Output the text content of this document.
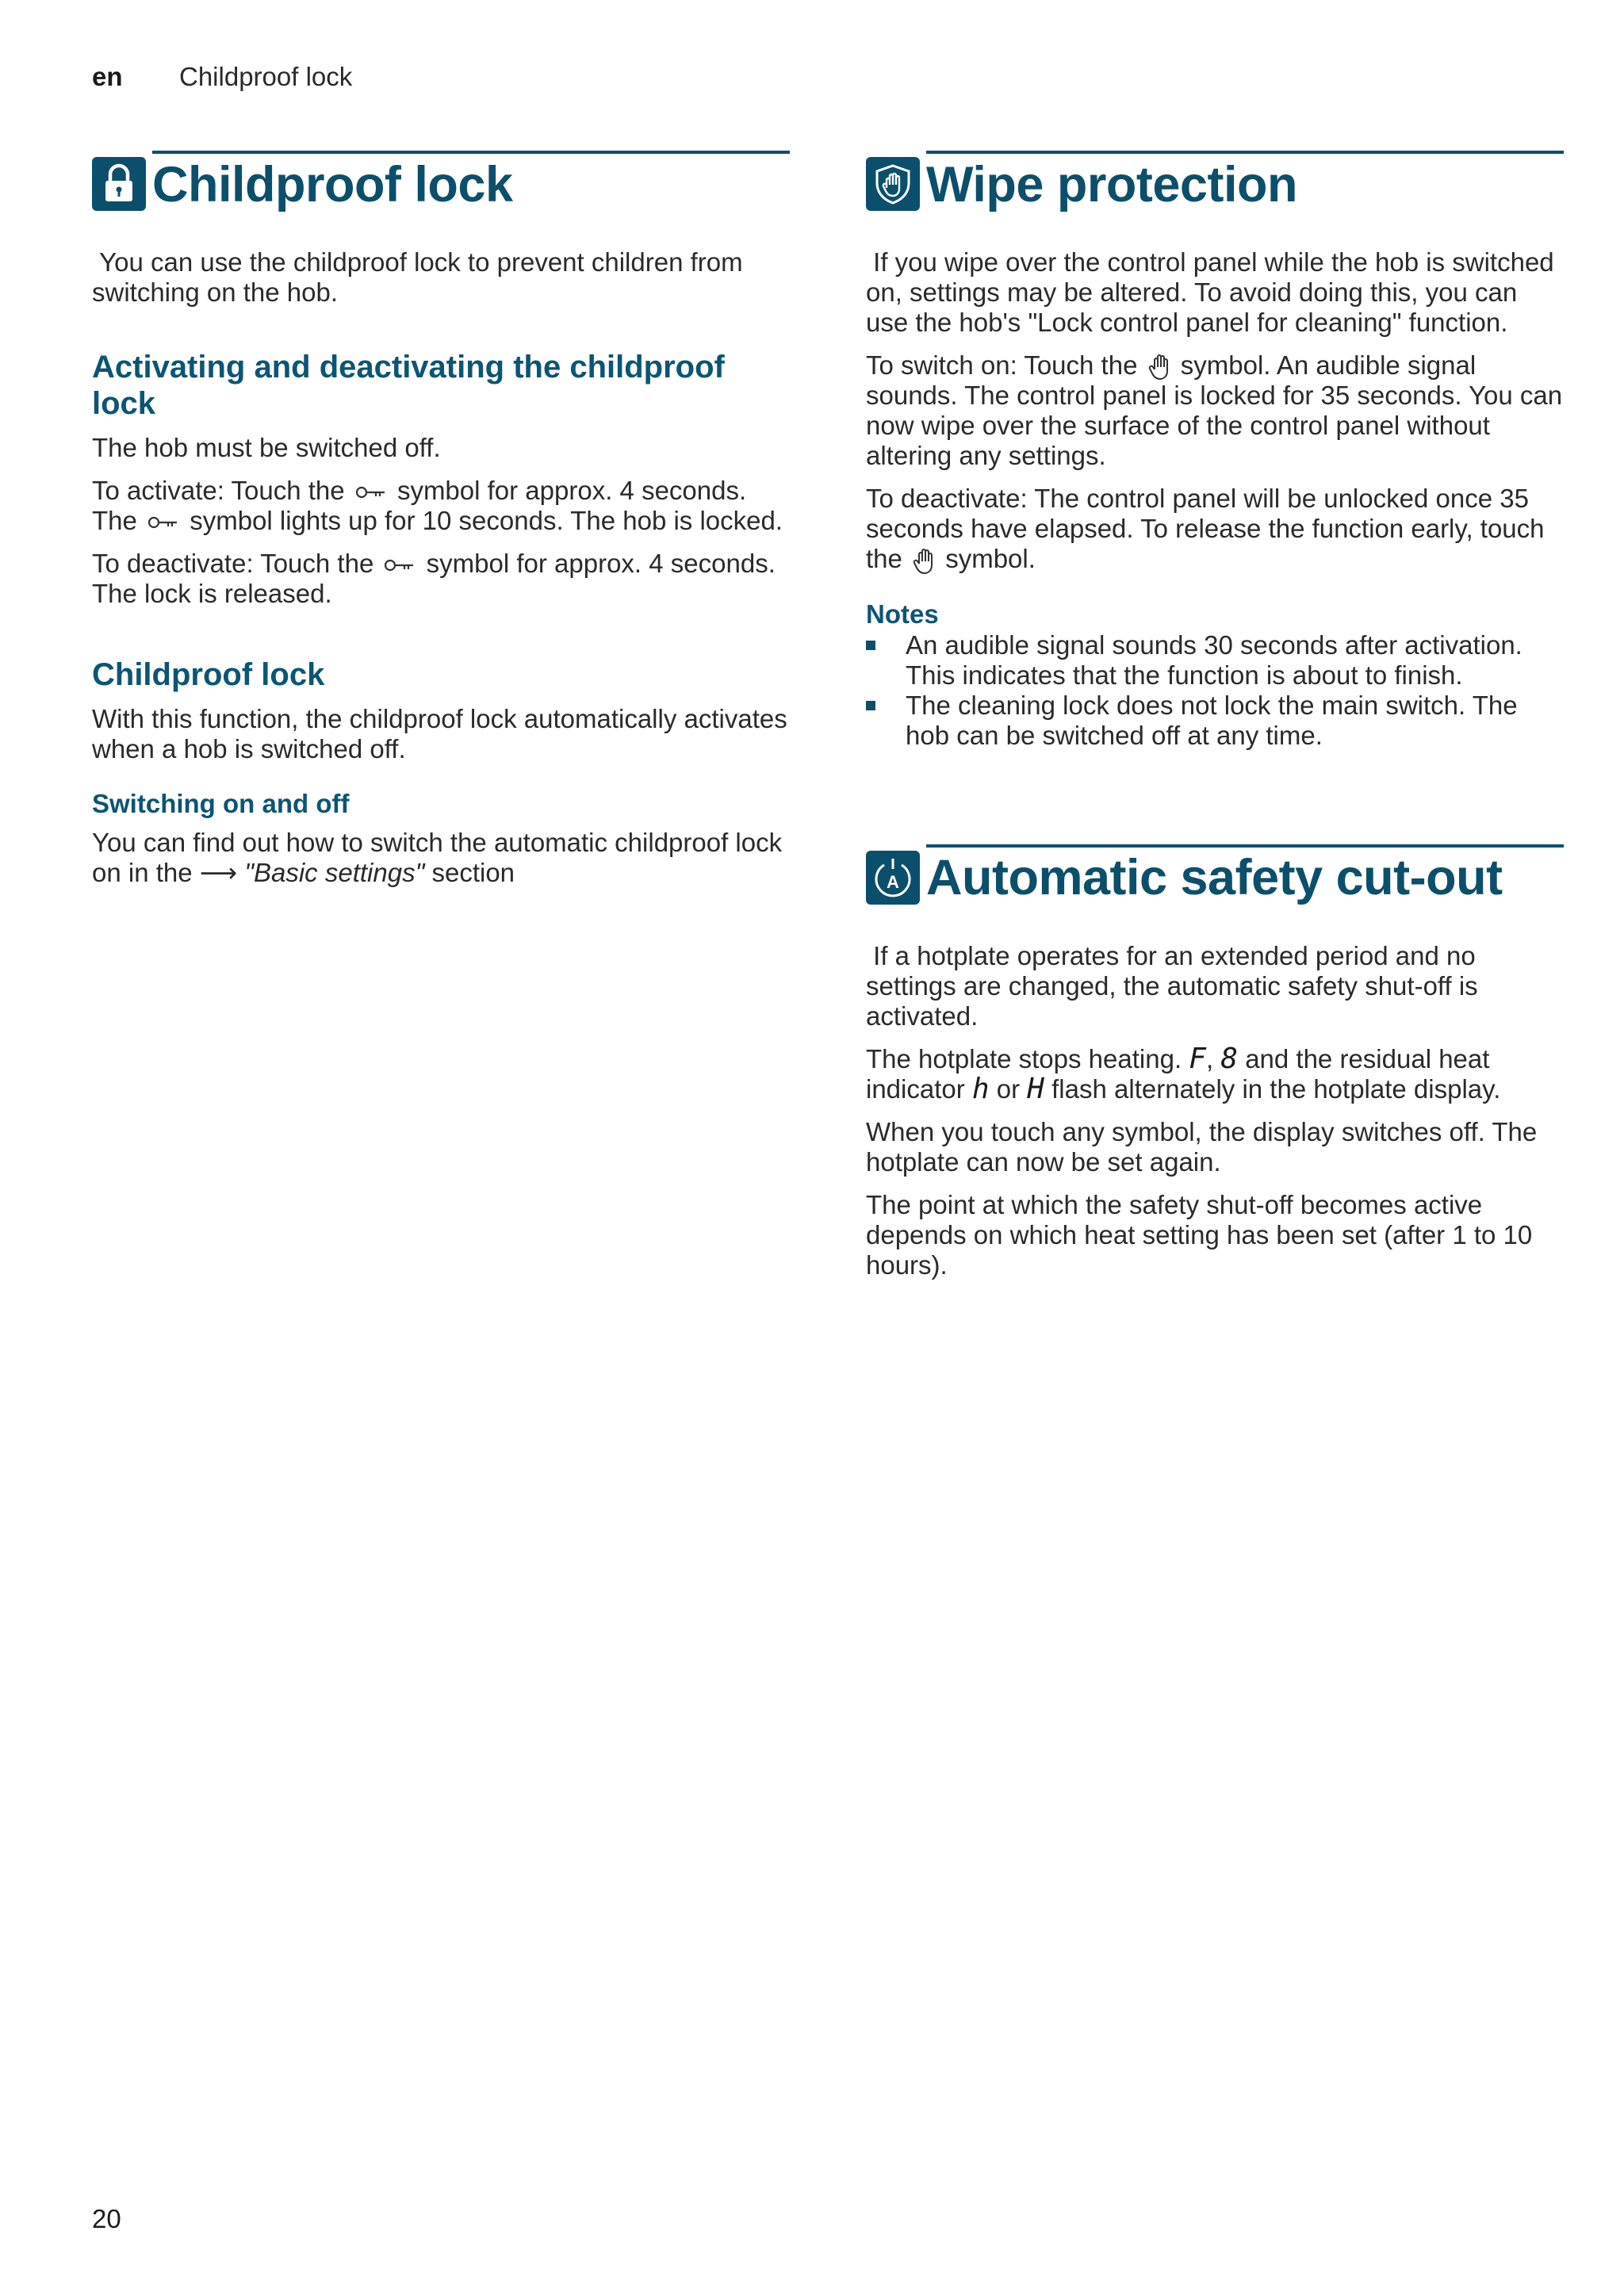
en Childproof lock
Childproof lock

You can use the childproof lock to prevent children from switching on the hob.

Activating and deactivating the childproof lock

The hob must be switched off.

To activate: Touch the symbol for approx. 4 seconds. The symbol lights up for 10 seconds. The hob is locked.

To deactivate: Touch the symbol for approx. 4 seconds. The lock is released.

Childproof lock

With this function, the childproof lock automatically activates when a hob is switched off.

Switching on and off

You can find out how to switch the automatic childproof lock on in the ⟶ "Basic settings" section

Wipe protection

If you wipe over the control panel while the hob is switched on, settings may be altered. To avoid doing this, you can use the hob's "Lock control panel for cleaning" function.

To switch on: Touch the symbol. An audible signal sounds. The control panel is locked for 35 seconds. You can now wipe over the surface of the control panel without altering any settings.

To deactivate: The control panel will be unlocked once 35 seconds have elapsed. To release the function early, touch the symbol.

Notes
An audible signal sounds 30 seconds after activation. This indicates that the function is about to finish.
The cleaning lock does not lock the main switch. The hob can be switched off at any time.
A Automatic safety cut-out

If a hotplate operates for an extended period and no settings are changed, the automatic safety shut-off is activated.

The hotplate stops heating. F, 8 and the residual heat indicator h or H flash alternately in the hotplate display.

When you touch any symbol, the display switches off. The hotplate can now be set again.

The point at which the safety shut-off becomes active depends on which heat setting has been set (after 1 to 10 hours).

20
